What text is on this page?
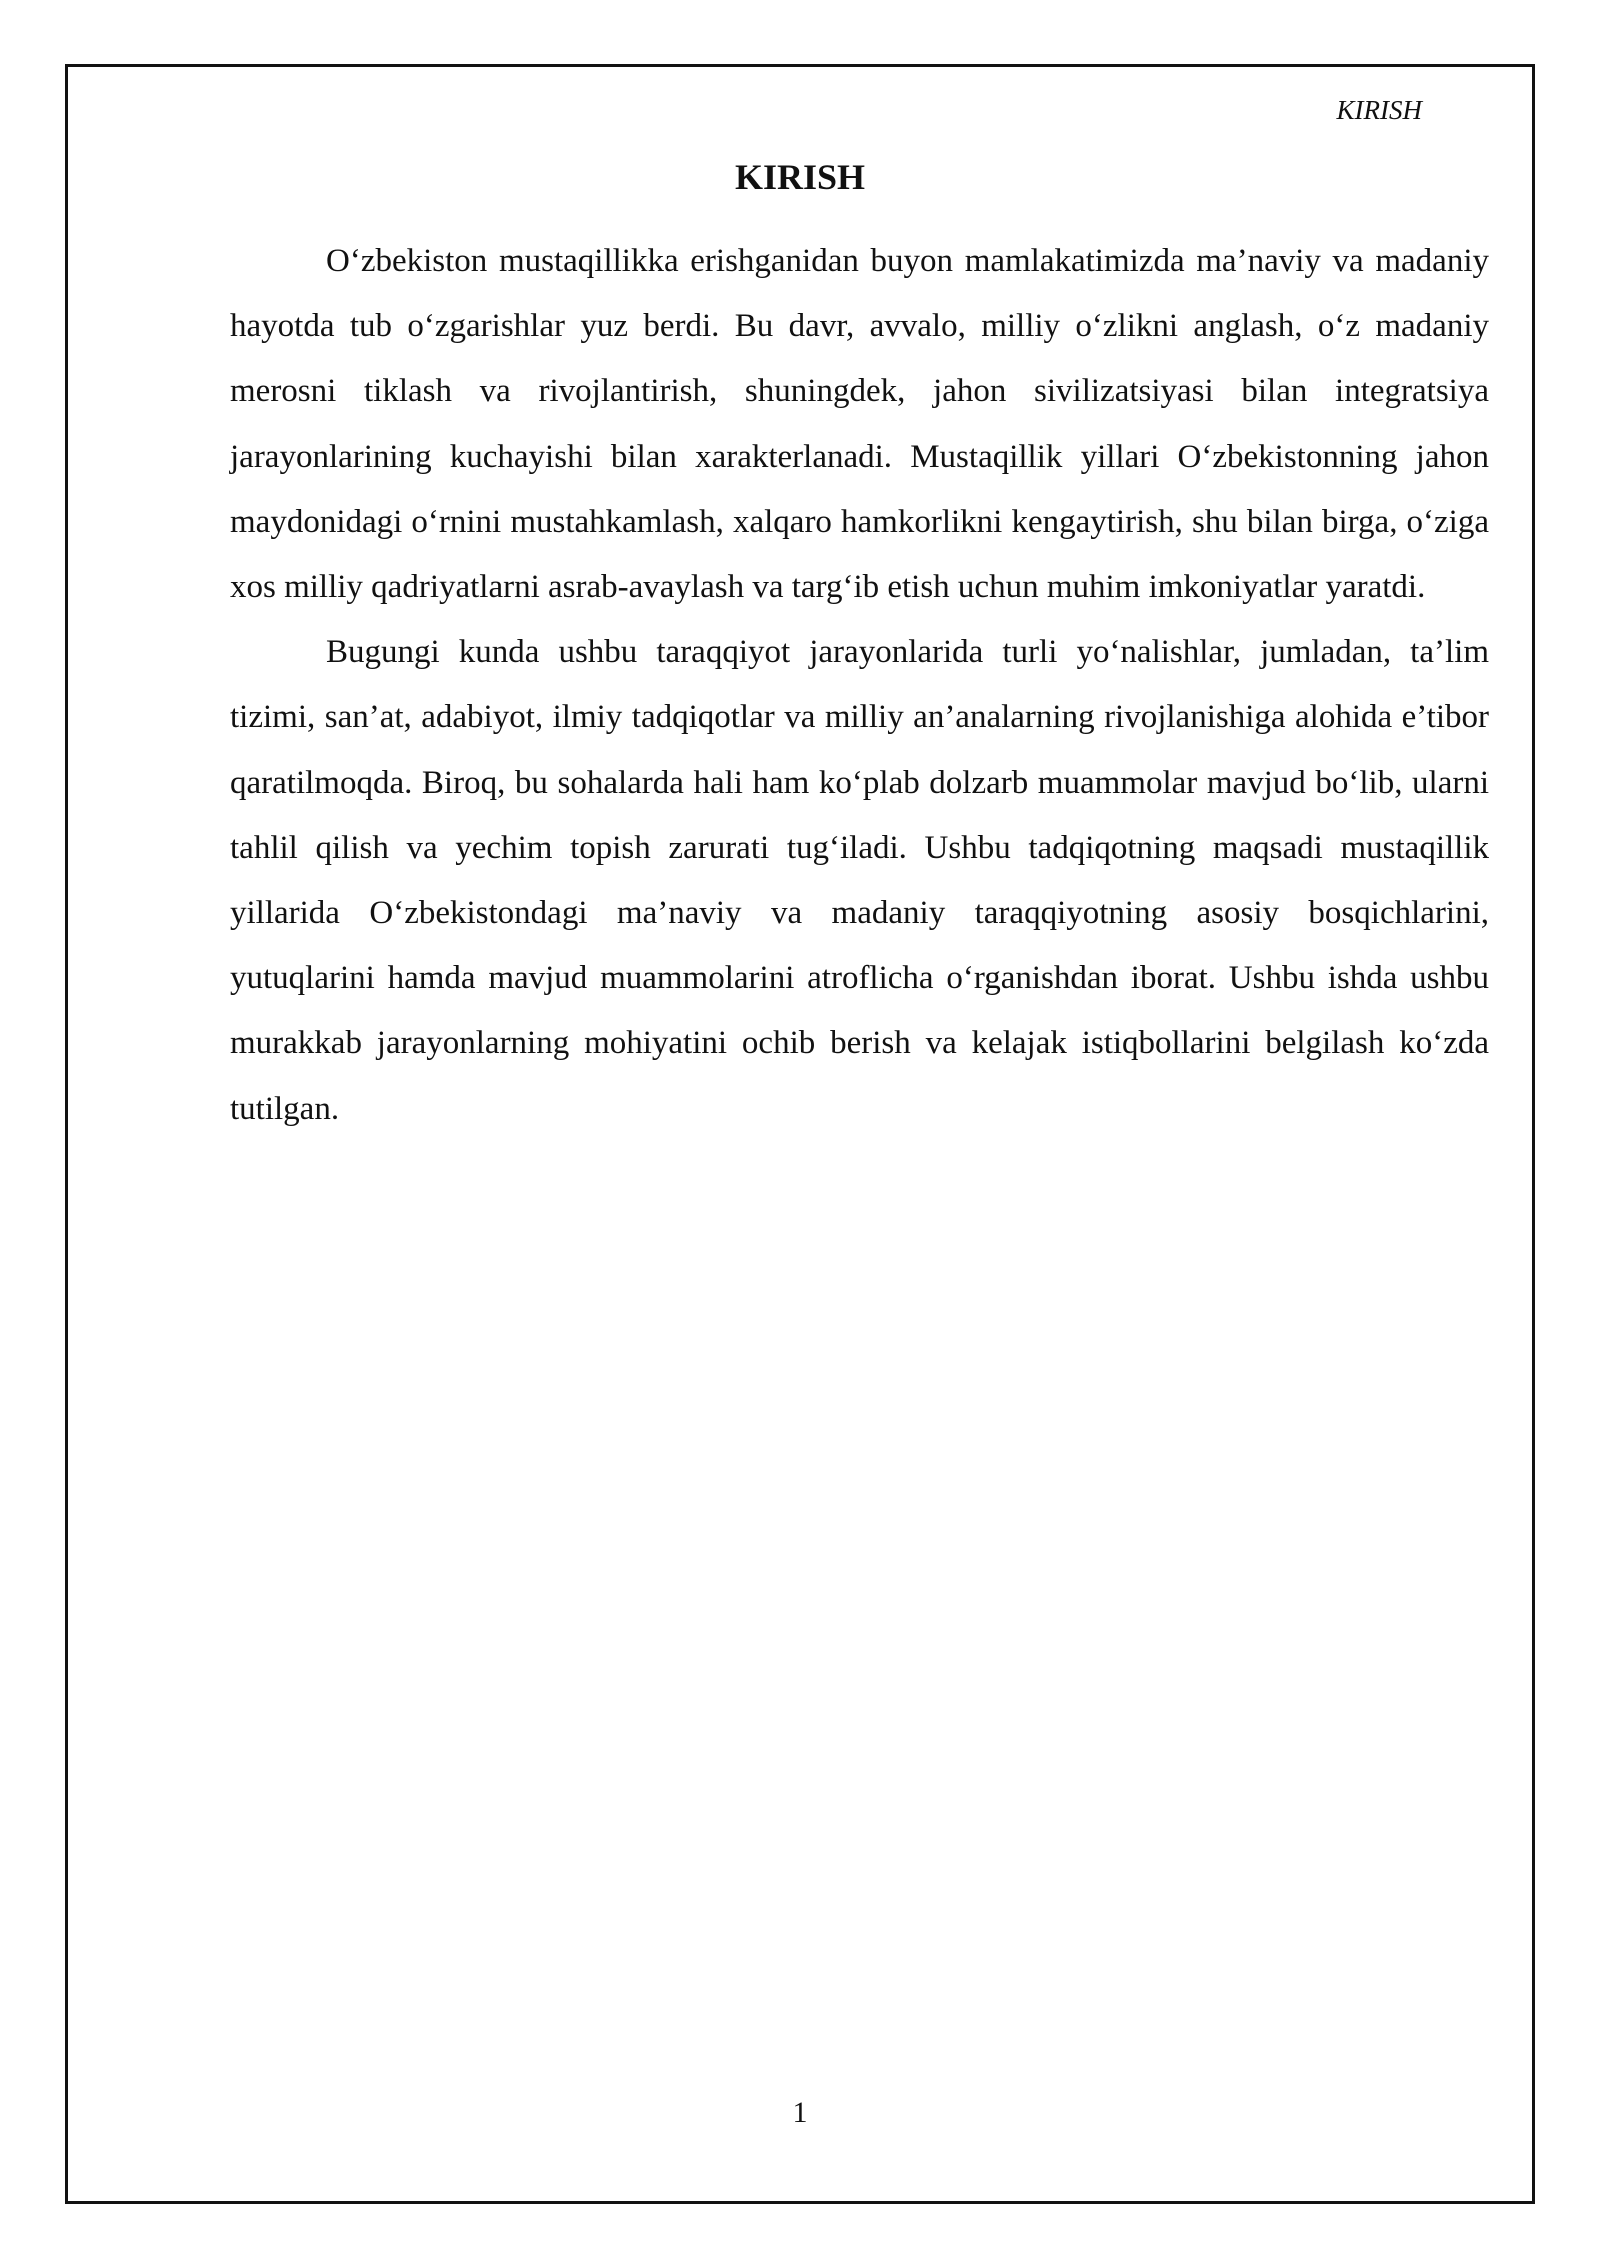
KIRISH

KIRISH

O‘zbekiston mustaqillikka erishganidan buyon mamlakatimizda ma’naviy va madaniy hayotda tub o‘zgarishlar yuz berdi. Bu davr, avvalo, milliy o‘zlikni anglash, o‘z madaniy merosni tiklash va rivojlantirish, shuningdek, jahon sivilizatsiyasi bilan integratsiya jarayonlarining kuchayishi bilan xarakterlanadi. Mustaqillik yillari O‘zbekistonning jahon maydonidagi o‘rnini mustahkamlash, xalqaro hamkorlikni kengaytirish, shu bilan birga, o‘ziga xos milliy qadriyatlarni asrab-avaylash va targ‘ib etish uchun muhim imkoniyatlar yaratdi.

Bugungi kunda ushbu taraqqiyot jarayonlarida turli yo‘nalishlar, jumladan, ta’lim tizimi, san’at, adabiyot, ilmiy tadqiqotlar va milliy an’analarning rivojlanishiga alohida e’tibor qaratilmoqda. Biroq, bu sohalarda hali ham ko‘plab dolzarb muammolar mavjud bo‘lib, ularni tahlil qilish va yechim topish zarurati tug‘iladi. Ushbu tadqiqotning maqsadi mustaqillik yillarida O‘zbekistondagi ma’naviy va madaniy taraqqiyotning asosiy bosqichlarini, yutuqlarini hamda mavjud muammolarini atroflicha o‘rganishdan iborat. Ushbu ishda ushbu murakkab jarayonlarning mohiyatini ochib berish va kelajak istiqbollarini belgilash ko‘zda tutilgan.

1
